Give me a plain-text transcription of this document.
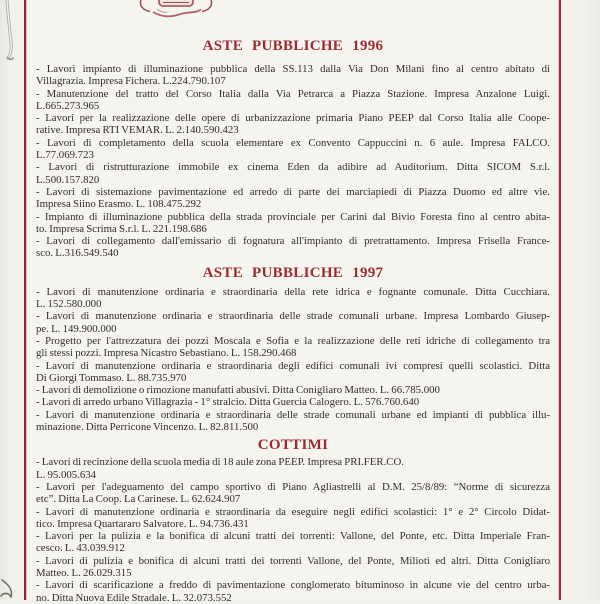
ASTE PUBBLICHE 1996
- Lavori impianto di illuminazione pubblica della SS.113 dalla Via Don Milani fino al centro abitato di
Villagrazia. Impresa Fichera. L.224.790.107
- Manutenzione del tratto del Corso Italia dalla Via Petrarca a Piazza Stazione. Impresa Anzalone Luigi.
L.665.273.965
- Lavori per la realizzazione delle opere di urbanizzazione primaria Piano PEEP dal Corso Italia alle Coope-
rative. Impresa RTI VEMAR. L. 2.140.590.423
- Lavori di completamento della scuola elementare ex Convento Cappuccini n. 6 aule. Impresa FALCO.
L.77.069.723
- Lavori di ristrutturazione immobile ex cinema Eden da adibire ad Auditorium. Ditta SICOM S.r.l.
L.500.157.820
- Lavori di sistemazione pavimentazione ed arredo di parte dei marciapiedi di Piazza Duomo ed altre vie.
Impresa Siino Erasmo. L. 108.475.292
- Impianto di illuminazione pubblica della strada provinciale per Carini dal Bivio Foresta fino al centro abita-
to. Impresa Scrima S.r.l. L. 221.198.686
- Lavori di collegamento dall'emissario di fognatura all'impianto di pretrattamento. Impresa Frisella France-
sco. L.316.549.540
ASTE PUBBLICHE 1997
- Lavori di manutenzione ordinaria e straordinaria della rete idrica e fognante comunale. Ditta Cucchiara.
L. 152.580.000
- Lavori di manutenzione ordinaria e straordinaria delle strade comunali urbane. Impresa Lombardo Giusep-
pe. L. 149.900.000
- Progetto per l'attrezzatura dei pozzi Moscala e Sofia e la realizzazione delle reti idriche di collegamento tra
gli stessi pozzi. Impresa Nicastro Sebastiano. L. 158.290.468
- Lavori di manutenzione ordinaria e straordinaria degli edifici comunali ivi compresi quelli scolastici. Ditta
Di Giorgi Tommaso. L. 88.735.970
- Lavori di demolizione o rimozione manufatti abusivi. Ditta Conigliaro Matteo. L. 66.785.000
- Lavori di arredo urbano Villagrazia - 1° stralcio. Ditta Guercia Calogero. L. 576.760.640
- Lavori di manutenzione ordinaria e straordinaria delle strade comunali urbane ed impianti di pubblica illu-
minazione. Ditta Perricone Vincenzo. L. 82.811.500
COTTIMI
- Lavori di recinzione della scuola media di 18 aule zona PEEP. Impresa PRI.FER.CO.
L. 95.005.634
- Lavori per l'adeguamento del campo sportivo di Piano Agliastrelli al D.M. 25/8/89: “Norme di sicurezza
etc”. Ditta La Coop. La Carinese. L. 62.624.907
- Lavori di manutenzione ordinaria e straordinaria da eseguire negli edifici scolastici: 1° e 2° Circolo Didat-
tico. Impresa Quartararo Salvatore. L. 94.736.431
- Lavori per la pulizia e la bonifica di alcuni tratti dei torrenti: Vallone, del Ponte, etc. Ditta Imperiale Fran-
cesco. L. 43.039.912
- Lavori di pulizia e bonifica di alcuni tratti dei torrenti Vallone, del Ponte, Milioti ed altri. Ditta Conigliaro
Matteo. L. 26.029.315
- Lavori di scarificazione a freddo di pavimentazione conglomerato bituminoso in alcune vie del centro urba-
no. Ditta Nuova Edile Stradale. L. 32.073.552
